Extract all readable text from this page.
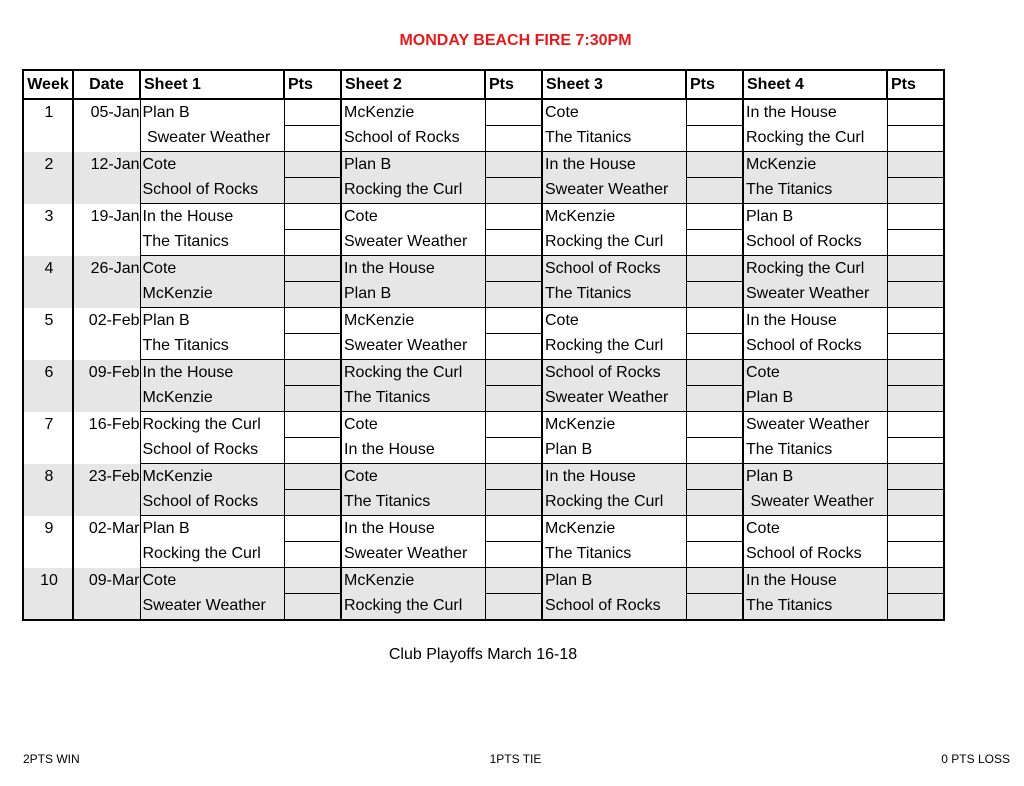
MONDAY BEACH FIRE 7:30PM
Week	Date	Sheet 1	Pts	Sheet 2	Pts	Sheet 3	Pts	Sheet 4	Pts
1	05-Jan	Plan B		McKenzie		Cote		In the House	
		Sweater Weather		School of Rocks		The Titanics		Rocking the Curl	
2	12-Jan	Cote		Plan B		In the House		McKenzie	
		School of Rocks		Rocking the Curl		Sweater Weather		The Titanics	
3	19-Jan	In the House		Cote		McKenzie		Plan B	
		The Titanics		Sweater Weather		Rocking the Curl		School of Rocks	
4	26-Jan	Cote		In the House		School of Rocks		Rocking the Curl	
		McKenzie		Plan B		The Titanics		Sweater Weather	
5	02-Feb	Plan B		McKenzie		Cote		In the House	
		The Titanics		Sweater Weather		Rocking the Curl		School of Rocks	
6	09-Feb	In the House		Rocking the Curl		School of Rocks		Cote	
		McKenzie		The Titanics		Sweater Weather		Plan B	
7	16-Feb	Rocking the Curl		Cote		McKenzie		Sweater Weather	
		School of Rocks		In the House		Plan B		The Titanics	
8	23-Feb	McKenzie		Cote		In the House		Plan B	
		School of Rocks		The Titanics		Rocking the Curl		Sweater Weather	
9	02-Mar	Plan B		In the House		McKenzie		Cote	
		Rocking the Curl		Sweater Weather		The Titanics		School of Rocks	
10	09-Mar	Cote		McKenzie		Plan B		In the House	
		Sweater Weather		Rocking the Curl		School of Rocks		The Titanics	
Club Playoffs March 16-18
2PTS WIN	1PTS TIE	0 PTS LOSS
